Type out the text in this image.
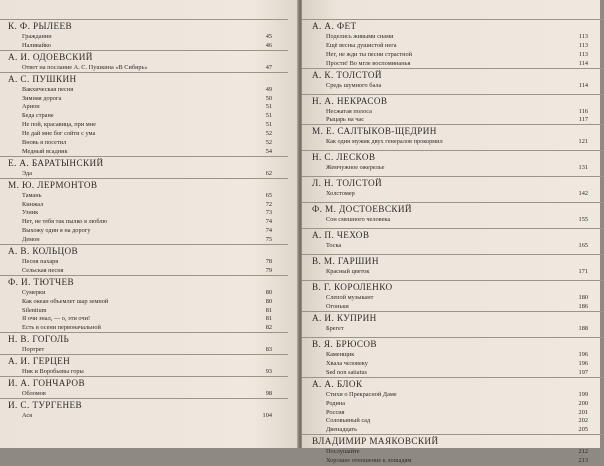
К. Ф. РЫЛЕЕВ
Гражданин	45
Наливайко	46
А. И. ОДОЕВСКИЙ
Ответ на послание А. С. Пушкина «В Сибирь»	47
А. С. ПУШКИН
Вакхическая песня	49
Зимняя дорога	50
Арион	51
Беда стране	51
Не пой, красавица, при мне	51
Не дай мне бог сойти с ума	52
Вновь я посетил	52
Медный всадник	54
Е. А. БАРАТЫНСКИЙ
Эда	62
М. Ю. ЛЕРМОНТОВ
Тамань	65
Кинжал	72
Узник	73
Нет, не тебя так пылко я люблю	74
Выхожу один я на дорогу	74
Демон	75
А. В. КОЛЬЦОВ
Песня пахаря	78
Сельская песня	79
Ф. И. ТЮТЧЕВ
Сумерки	80
Как океан объемлет шар земной	80
Silentium	81
Я очи знал, — о, эти очи!	81
Есть в осени первоначальной	82
Н. В. ГОГОЛЬ
Портрет	83
А. И. ГЕРЦЕН
Ник и Воробьевы горы	93
И. А. ГОНЧАРОВ
Обломов	98
И. С. ТУРГЕНЕВ
Ася	104
А. А. ФЕТ
Поделись живыми снами	113
Ещё весны душистой нега	113
Нет, не жди ты песни страстной	113
Прости! Во мгле воспоминанья	114
А. К. ТОЛСТОЙ
Средь шумного бала	114
Н. А. НЕКРАСОВ
Несжатая полоса	116
Рыцарь на час	117
М. Е. САЛТЫКОВ-ЩЕДРИН
Как один мужик двух генералов прокормил	121
Н. С. ЛЕСКОВ
Жемчужное ожерелье	131
Л. Н. ТОЛСТОЙ
Холстомер	142
Ф. М. ДОСТОЕВСКИЙ
Сон смешного человека	155
А. П. ЧЕХОВ
Тоска	165
В. М. ГАРШИН
Красный цветок	171
В. Г. КОРОЛЕНКО
Слепой музыкант	180
Огоньки	186
А. И. КУПРИН
Брегет	188
В. Я. БРЮСОВ
Каменщик	196
Хвала человеку	196
Sed non satiatus	197
А. А. БЛОК
Стихи о Прекрасной Даме	199
Родина	200
Россия	201
Соловьиный сад	202
Двенадцать	205
ВЛАДИМИР МАЯКОВСКИЙ
Послушайте	212
Хорошее отношение к лошадям	213
